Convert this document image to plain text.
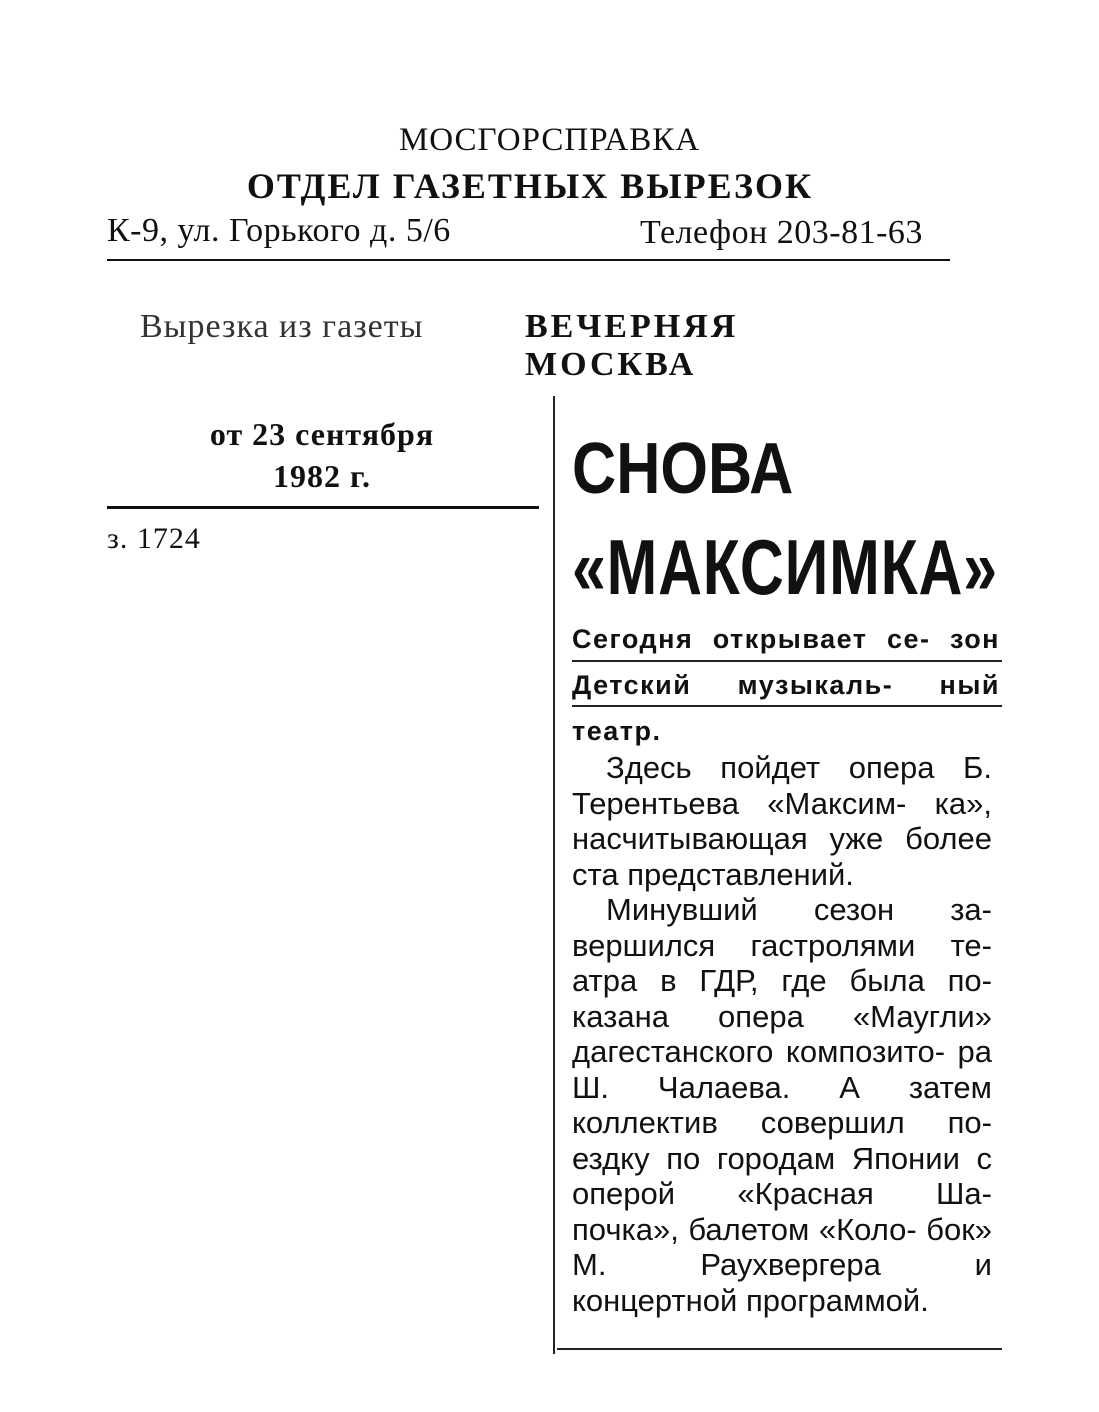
МОСГОРСПРАВКА
ОТДЕЛ ГАЗЕТНЫХ ВЫРЕЗОК
К-9, ул. Горького д. 5/6	Телефон 203-81-63
Вырезка из газеты	ВЕЧЕРНЯЯ МОСКВА
от 23 сентября
1982 г.
з. 1724
СНОВА
«МАКСИМКА»
Сегодня открывает се- зон Детский музыкаль- ный театр.

Здесь пойдет опера Б. Терентьева «Максим- ка», насчитывающая уже более ста представлений.

Минувший сезон за- вершился гастролями те- атра в ГДР, где была по- казана опера «Маугли» дагестанского композито- ра Ш. Чалаева. А затем коллектив совершил по- ездку по городам Японии с оперой «Красная Ша- почка», балетом «Коло- бок» М. Раухвергера и концертной программой.
